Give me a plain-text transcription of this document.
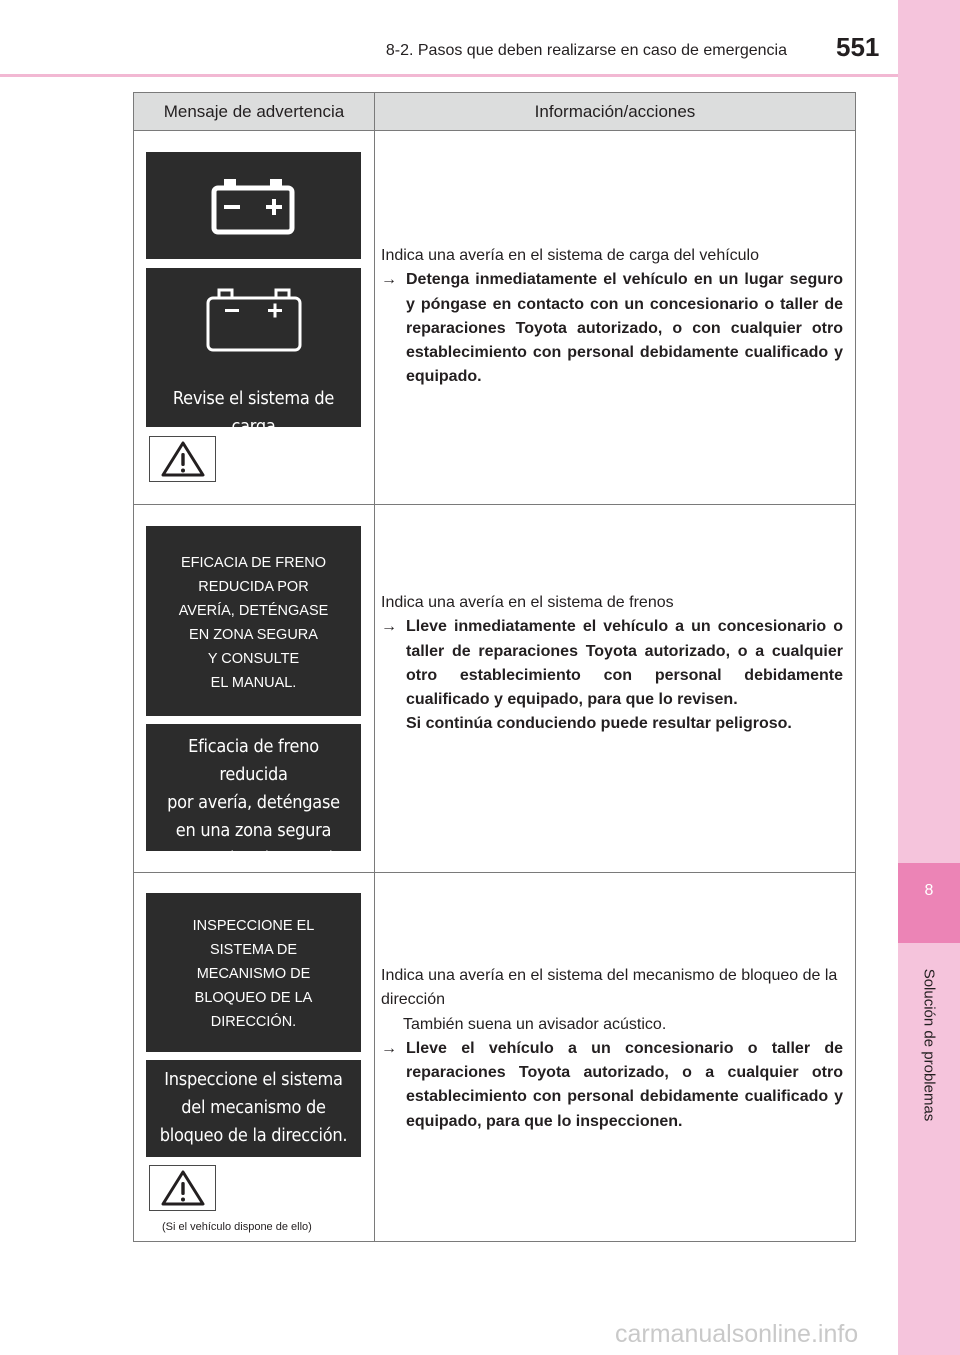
8-2. Pasos que deben realizarse en caso de emergencia 551
8
Solución de problemas
Mensaje de advertencia	Información/acciones
Revise el sistema de carga
Indica una avería en el sistema de carga del vehículo
→ Detenga inmediatamente el vehículo en un lugar seguro y póngase en contacto con un concesionario o taller de reparaciones Toyota autorizado, o con cualquier otro establecimiento con personal debidamente cualificado y equipado.
EFICACIA DE FRENO
REDUCIDA POR
AVERÍA, DETÉNGASE
EN ZONA SEGURA
Y CONSULTE
EL MANUAL.
Eficacia de freno reducida
por avería, deténgase
en una zona segura
y consulte el manual.
Indica una avería en el sistema de frenos
→ Lleve inmediatamente el vehículo a un concesionario o taller de reparaciones Toyota autorizado, o a cualquier otro establecimiento con personal debidamente cualificado y equipado, para que lo revisen.
Si continúa conduciendo puede resultar peligroso.
INSPECCIONE EL
SISTEMA DE
MECANISMO DE
BLOQUEO DE LA
DIRECCIÓN.
Inspeccione el sistema
del mecanismo de
bloqueo de la dirección.
(Si el vehículo dispone de ello)
Indica una avería en el sistema del mecanismo de bloqueo de la dirección
También suena un avisador acústico.
→ Lleve el vehículo a un concesionario o taller de reparaciones Toyota autorizado, o a cualquier otro establecimiento con personal debidamente cualificado y equipado, para que lo inspeccionen.
carmanualsonline.info
